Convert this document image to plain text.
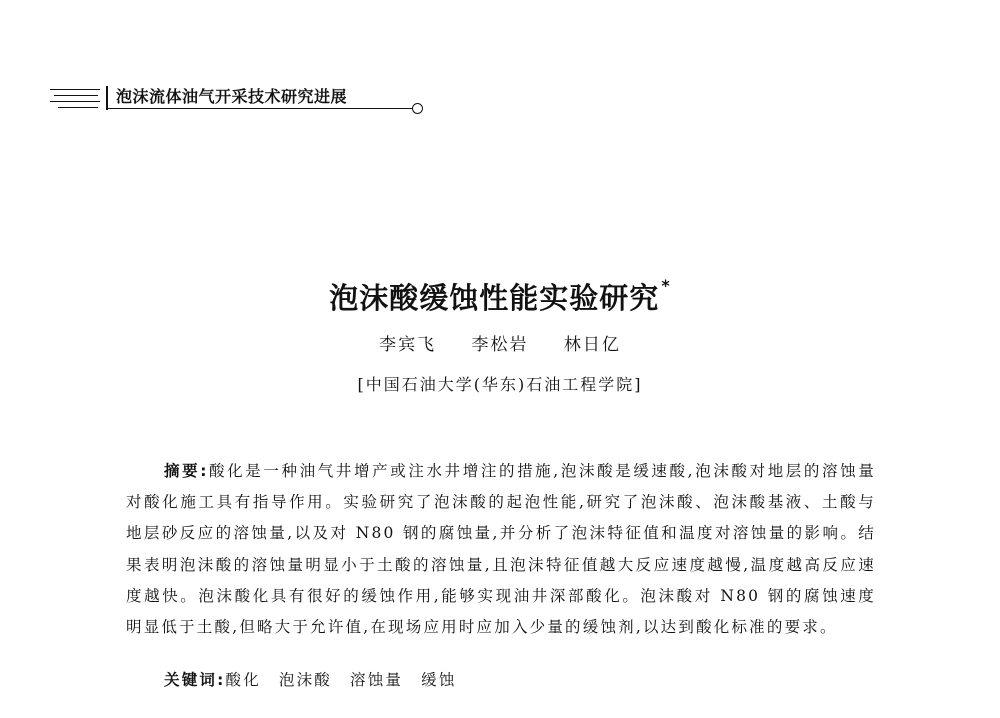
泡沫流体油气开采技术研究进展
泡沫酸缓蚀性能实验研究 *
李宾飞 李松岩 林日亿
[中国石油大学(华东)石油工程学院]

摘要:酸化是一种油气井增产或注水井增注的措施,泡沫酸是缓速酸,泡沫酸对地层的溶蚀量对酸化施工具有指导作用。实验研究了泡沫酸的起泡性能,研究了泡沫酸、泡沫酸基液、土酸与地层砂反应的溶蚀量,以及对 N80 钢的腐蚀量,并分析了泡沫特征值和温度对溶蚀量的影响。结果表明泡沫酸的溶蚀量明显小于土酸的溶蚀量,且泡沫特征值越大反应速度越慢,温度越高反应速度越快。泡沫酸化具有很好的缓蚀作用,能够实现油井深部酸化。泡沫酸对 N80 钢的腐蚀速度明显低于土酸,但略大于允许值,在现场应用时应加入少量的缓蚀剂,以达到酸化标准的要求。

关键词:酸化 泡沫酸 溶蚀量 缓蚀
